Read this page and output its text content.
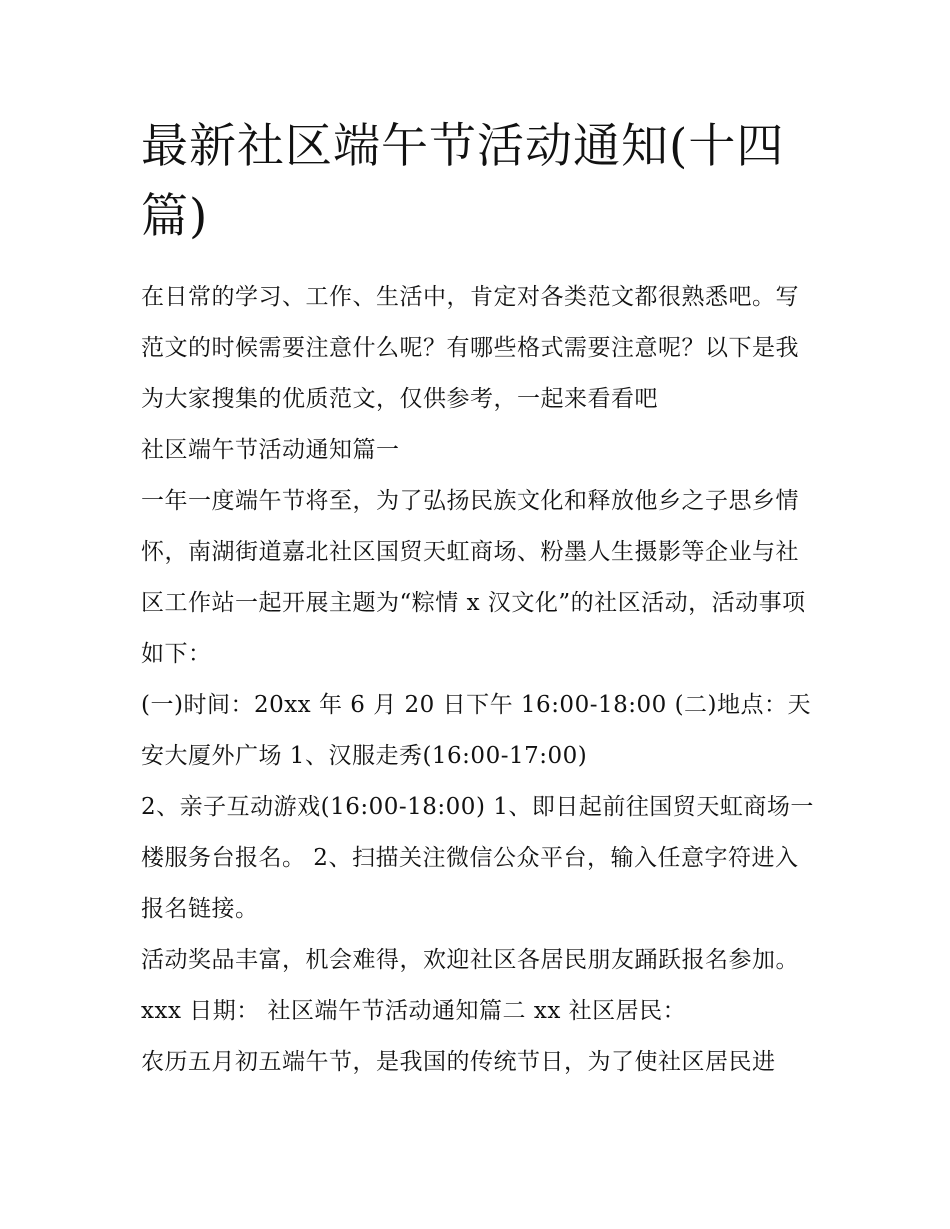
最新社区端午节活动通知(十四篇)

在日常的学习、工作、生活中，肯定对各类范文都很熟悉吧。写范文的时候需要注意什么呢？有哪些格式需要注意呢？以下是我为大家搜集的优质范文，仅供参考，一起来看看吧

社区端午节活动通知篇一

一年一度端午节将至，为了弘扬民族文化和释放他乡之子思乡情怀，南湖街道嘉北社区国贸天虹商场、粉墨人生摄影等企业与社区工作站一起开展主题为“粽情 x 汉文化”的社区活动，活动事项如下：

(一)时间：20xx 年 6 月 20 日下午 16:00-18:00 (二)地点：天安大厦外广场 1、汉服走秀(16:00-17:00)

2、亲子互动游戏(16:00-18:00) 1、即日起前往国贸天虹商场一楼服务台报名。 2、扫描关注微信公众平台，输入任意字符进入报名链接。

活动奖品丰富，机会难得，欢迎社区各居民朋友踊跃报名参加。 xxx 日期： 社区端午节活动通知篇二 xx 社区居民：

农历五月初五端午节，是我国的传统节日，为了使社区居民进
